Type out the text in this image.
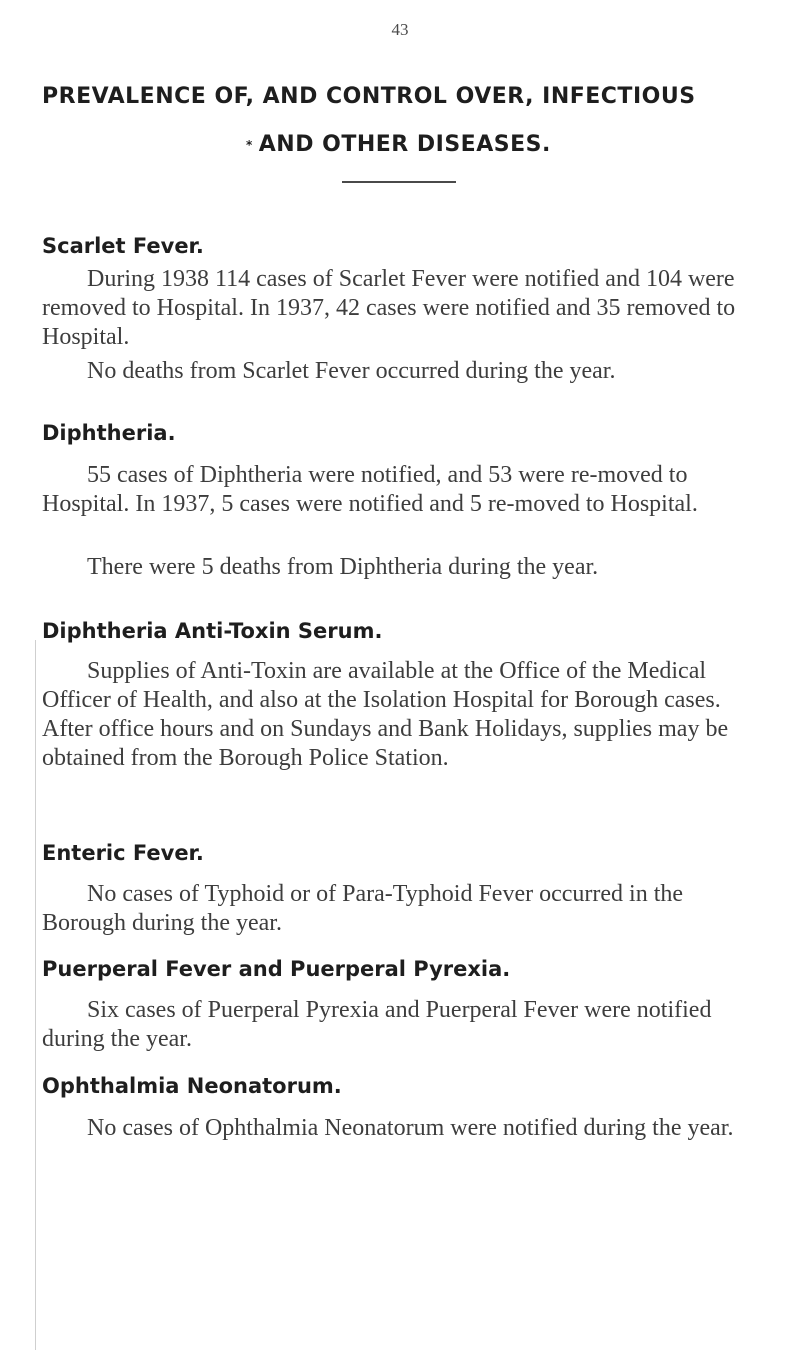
43
PREVALENCE OF, AND CONTROL OVER, INFECTIOUS
* AND OTHER DISEASES.
Scarlet Fever.

During 1938 114 cases of Scarlet Fever were notified and 104 were removed to Hospital. In 1937, 42 cases were notified and 35 removed to Hospital.

No deaths from Scarlet Fever occurred during the year.

Diphtheria.

55 cases of Diphtheria were notified, and 53 were re-moved to Hospital. In 1937, 5 cases were notified and 5 re-moved to Hospital.

There were 5 deaths from Diphtheria during the year.

Diphtheria Anti-Toxin Serum.

Supplies of Anti-Toxin are available at the Office of the Medical Officer of Health, and also at the Isolation Hospital for Borough cases. After office hours and on Sundays and Bank Holidays, supplies may be obtained from the Borough Police Station.

Enteric Fever.

No cases of Typhoid or of Para-Typhoid Fever occurred in the Borough during the year.

Puerperal Fever and Puerperal Pyrexia.

Six cases of Puerperal Pyrexia and Puerperal Fever were notified during the year.

Ophthalmia Neonatorum.

No cases of Ophthalmia Neonatorum were notified during the year.
